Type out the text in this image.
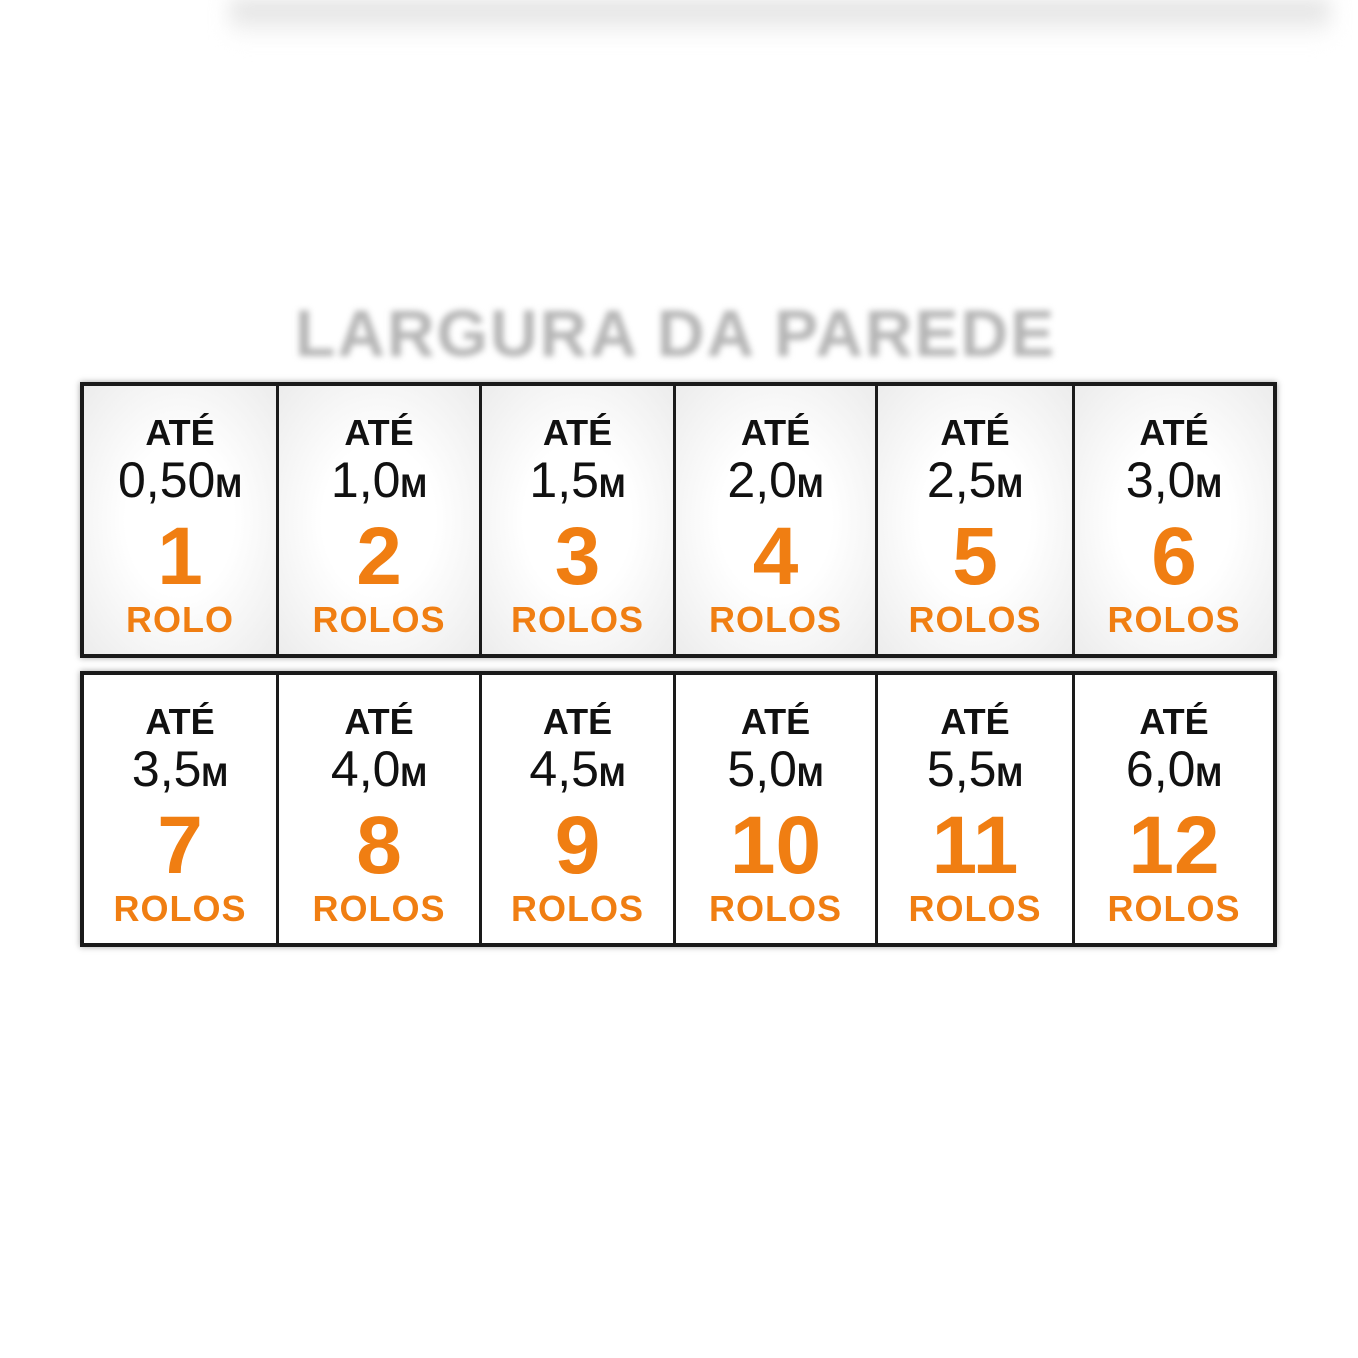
LARGURA DA PAREDE
ATÉ
0,50M
1
ROLO
ATÉ
1,0M
2
ROLOS
ATÉ
1,5M
3
ROLOS
ATÉ
2,0M
4
ROLOS
ATÉ
2,5M
5
ROLOS
ATÉ
3,0M
6
ROLOS
ATÉ
3,5M
7
ROLOS
ATÉ
4,0M
8
ROLOS
ATÉ
4,5M
9
ROLOS
ATÉ
5,0M
10
ROLOS
ATÉ
5,5M
11
ROLOS
ATÉ
6,0M
12
ROLOS
